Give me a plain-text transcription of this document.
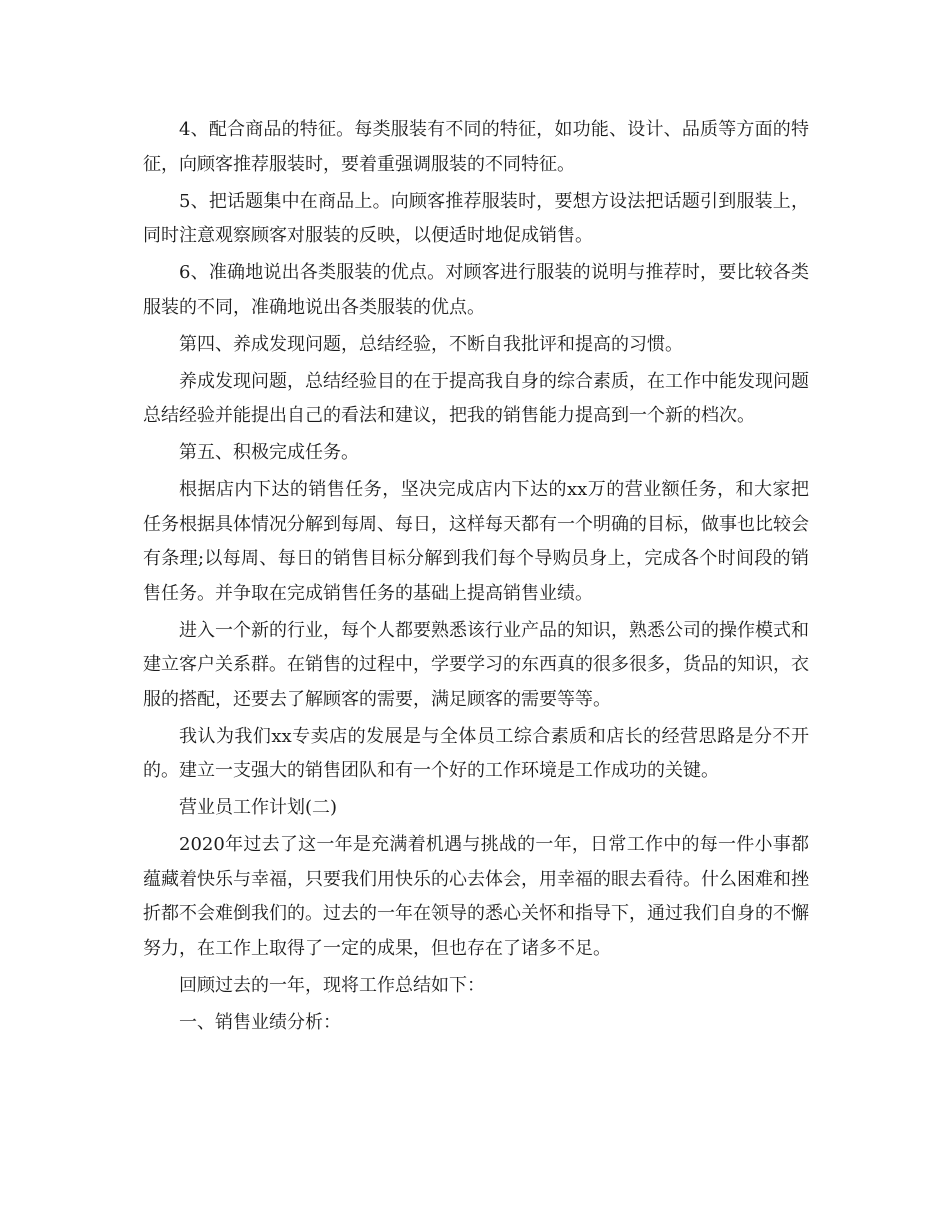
4、配合商品的特征。每类服装有不同的特征，如功能、设计、品质等方面的特征，向顾客推荐服装时，要着重强调服装的不同特征。

5、把话题集中在商品上。向顾客推荐服装时，要想方设法把话题引到服装上，同时注意观察顾客对服装的反映，以便适时地促成销售。

6、准确地说出各类服装的优点。对顾客进行服装的说明与推荐时，要比较各类服装的不同，准确地说出各类服装的优点。

第四、养成发现问题，总结经验，不断自我批评和提高的习惯。

养成发现问题，总结经验目的在于提高我自身的综合素质，在工作中能发现问题总结经验并能提出自己的看法和建议，把我的销售能力提高到一个新的档次。

第五、积极完成任务。

根据店内下达的销售任务，坚决完成店内下达的xx万的营业额任务，和大家把任务根据具体情况分解到每周、每日，这样每天都有一个明确的目标，做事也比较会有条理;以每周、每日的销售目标分解到我们每个导购员身上，完成各个时间段的销售任务。并争取在完成销售任务的基础上提高销售业绩。

进入一个新的行业，每个人都要熟悉该行业产品的知识，熟悉公司的操作模式和建立客户关系群。在销售的过程中，学要学习的东西真的很多很多，货品的知识，衣服的搭配，还要去了解顾客的需要，满足顾客的需要等等。

我认为我们xx专卖店的发展是与全体员工综合素质和店长的经营思路是分不开的。建立一支强大的销售团队和有一个好的工作环境是工作成功的关键。

营业员工作计划(二)

2020年过去了这一年是充满着机遇与挑战的一年，日常工作中的每一件小事都蕴藏着快乐与幸福，只要我们用快乐的心去体会，用幸福的眼去看待。什么困难和挫折都不会难倒我们的。过去的一年在领导的悉心关怀和指导下，通过我们自身的不懈努力，在工作上取得了一定的成果，但也存在了诸多不足。

回顾过去的一年，现将工作总结如下：

一、销售业绩分析：
